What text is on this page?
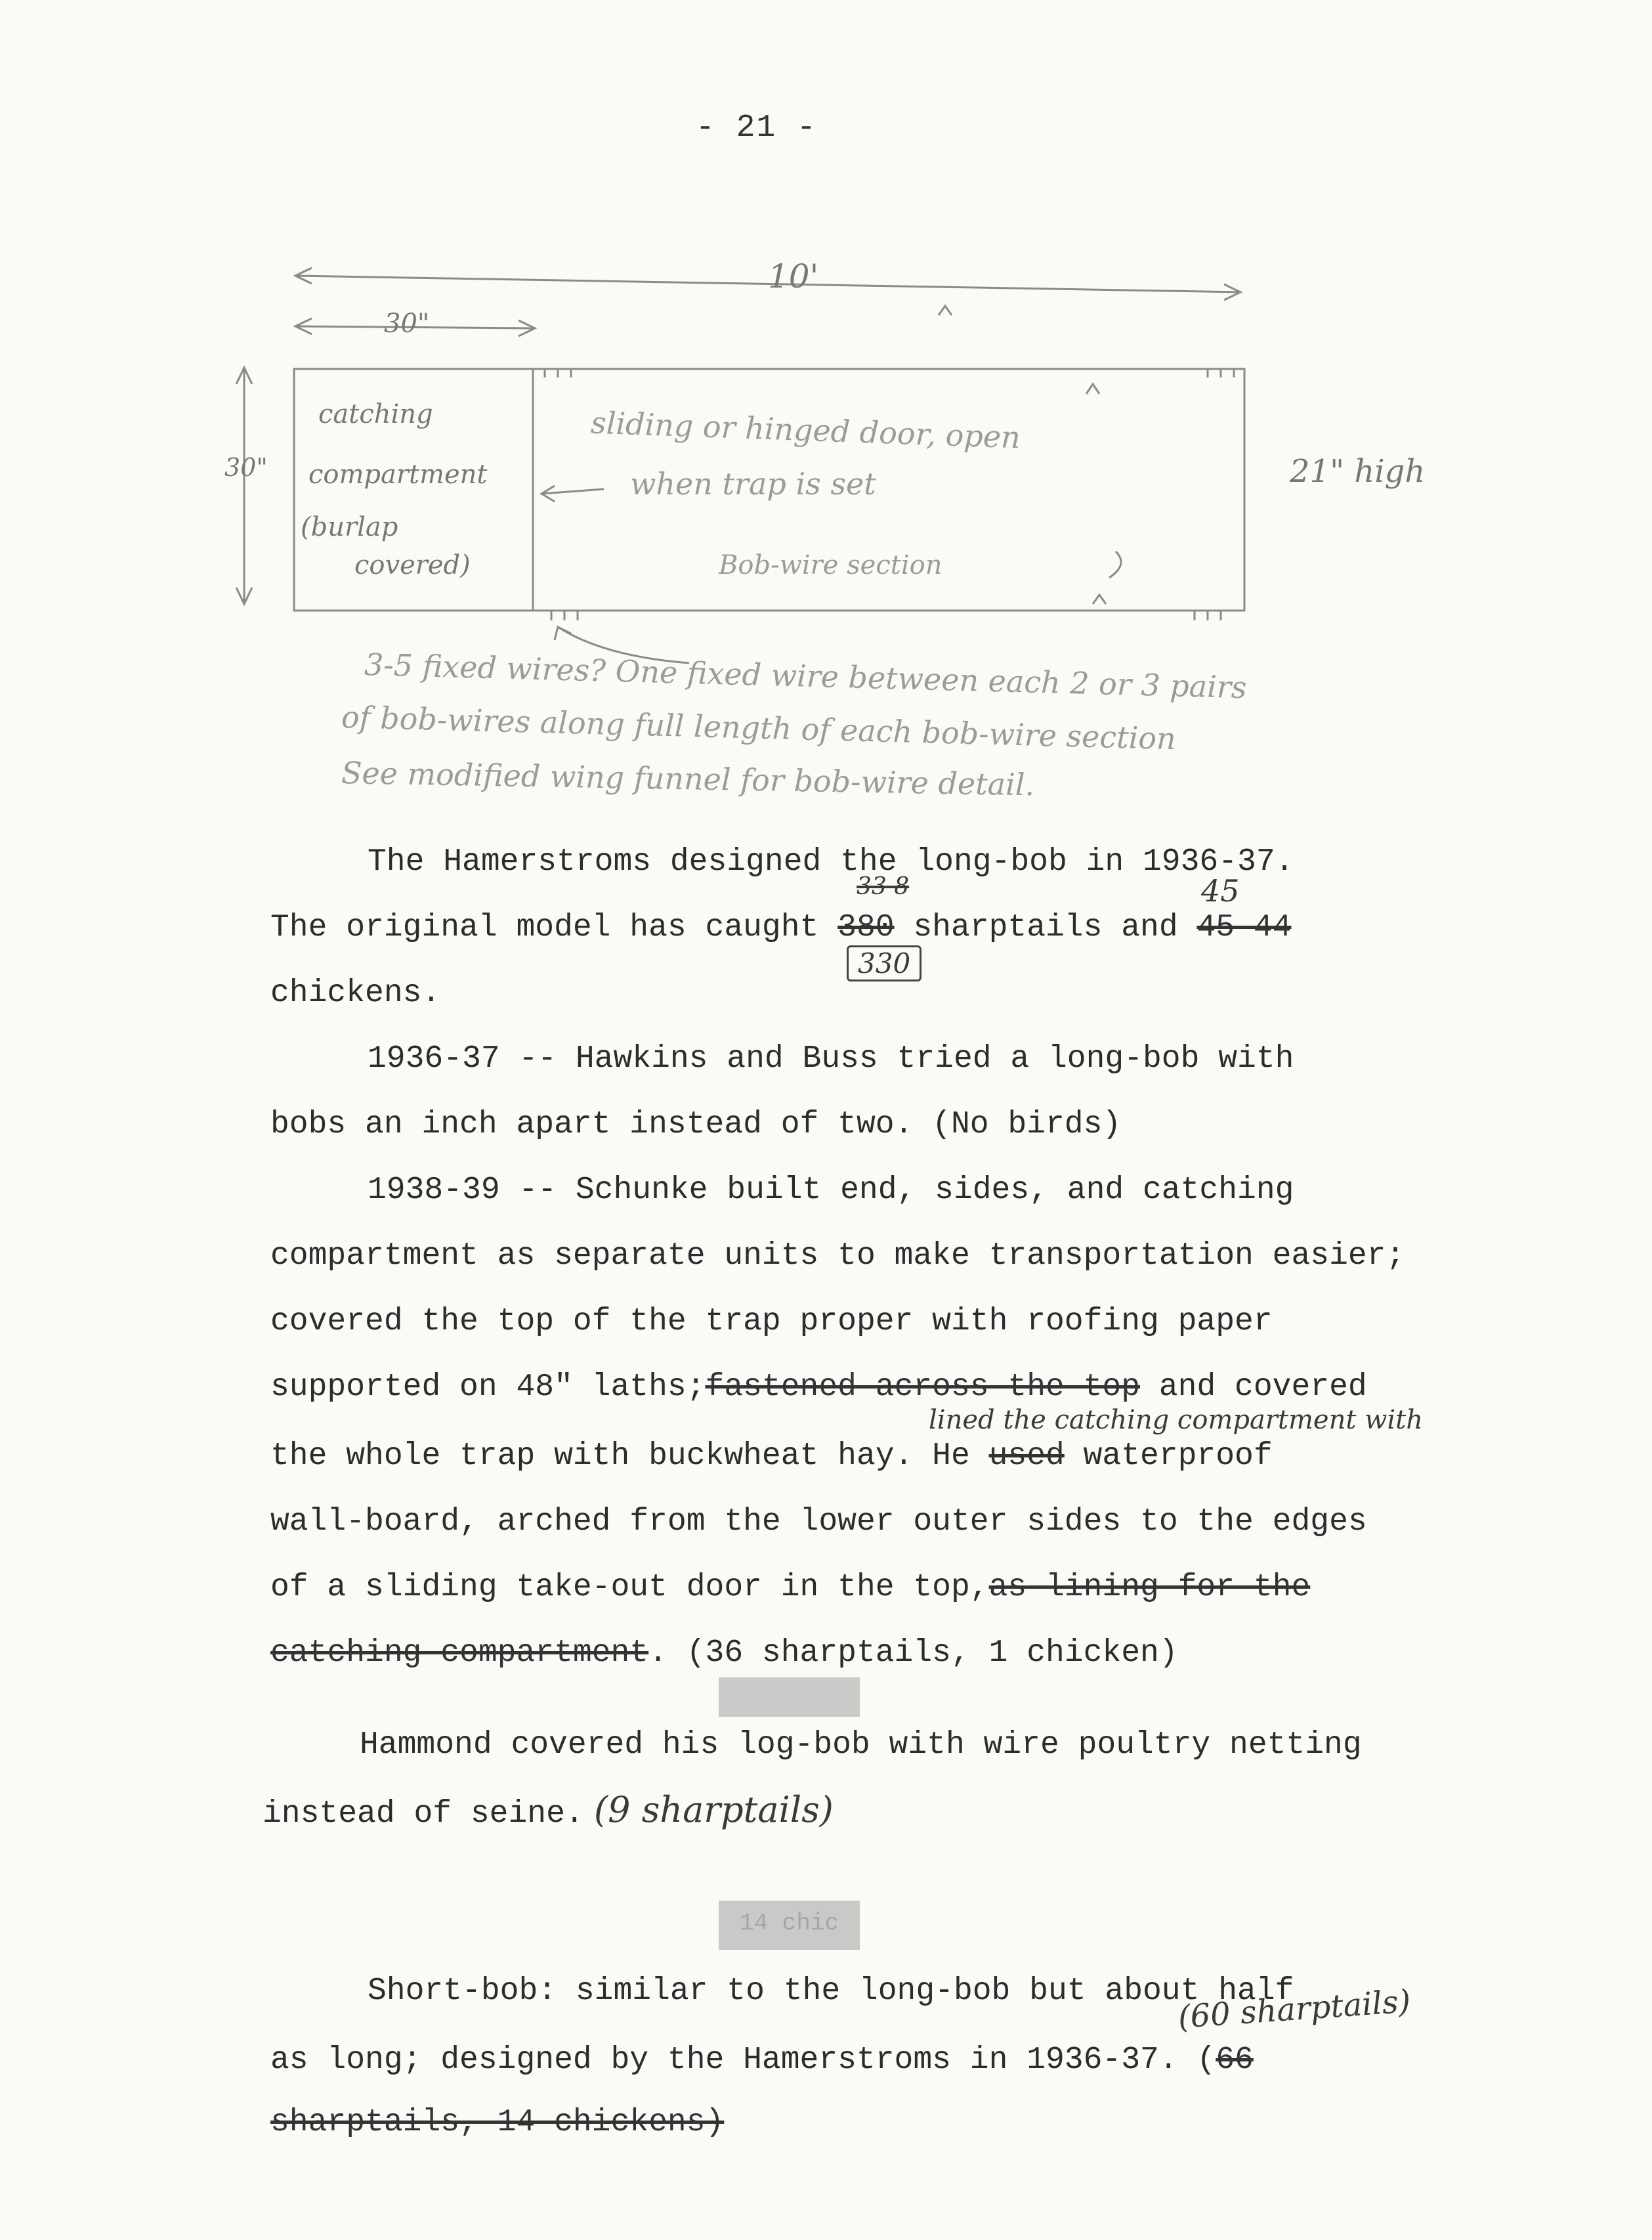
- 21 -
10'
30"
30"	21" high
catching
compartment
(burlap
covered)
sliding or hinged door, open
when trap is set
Bob-wire section
3-5 fixed wires? One fixed wire between each 2 or 3 pairs
of bob-wires along full length of each bob-wire section
See modified wing funnel for bob-wire detail.
The Hamerstroms designed the long-bob in 1936-37.
33 8	45
The original model has caught 380 sharptails and 45 44
330
chickens.
1936-37 -- Hawkins and Buss tried a long-bob with
bobs an inch apart instead of two. (No birds)
1938-39 -- Schunke built end, sides, and catching
compartment as separate units to make transportation easier;
covered the top of the trap proper with roofing paper
supported on 48" laths;fastened across the top and covered
lined the catching compartment with
the whole trap with buckwheat hay. He used waterproof
wall-board, arched from the lower outer sides to the edges
of a sliding take-out door in the top,as lining for the
catching compartment. (36 sharptails, 1 chicken)
Hammond covered his log-bob with wire poultry netting
instead of seine. (9 sharptails)
14 chic
Short-bob: similar to the long-bob but about half
(60 sharptails)
as long; designed by the Hamerstroms in 1936-37. (66
sharptails, 14 chickens)
